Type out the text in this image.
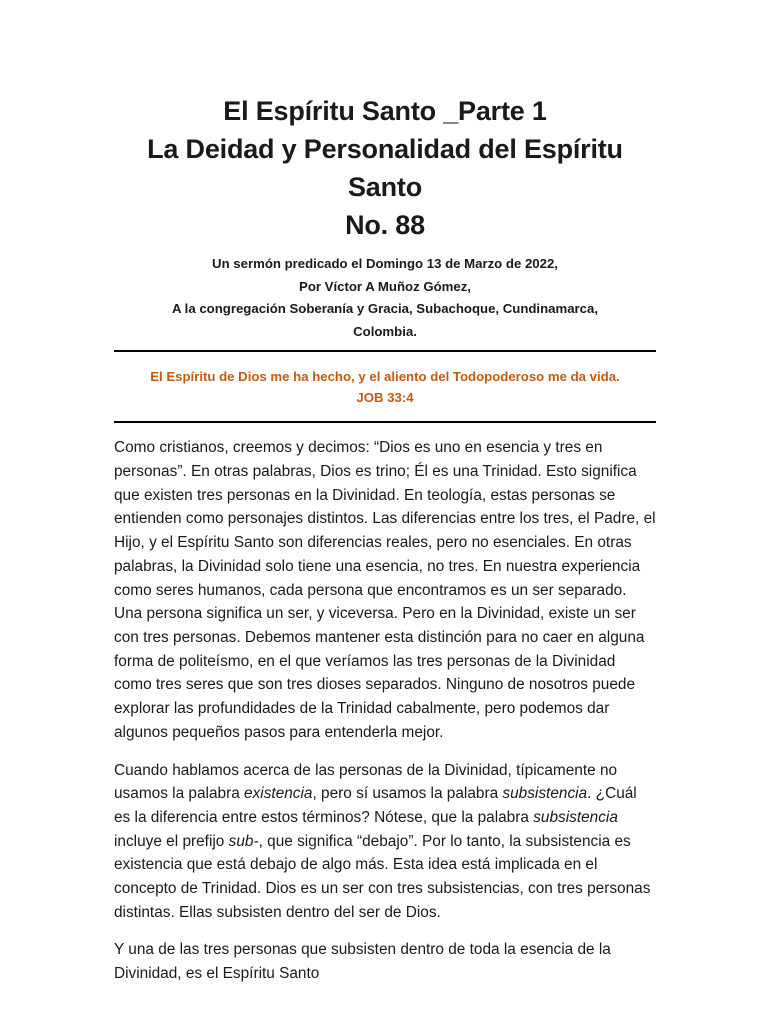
El Espíritu Santo _Parte 1

La Deidad y Personalidad del Espíritu Santo

No. 88

Un sermón predicado el Domingo 13 de Marzo de 2022,

Por Víctor A Muñoz Gómez,

A la congregación Soberanía y Gracia, Subachoque, Cundinamarca,

Colombia.

El Espíritu de Dios me ha hecho, y el aliento del Todopoderoso me da vida.
JOB 33:4

Como cristianos, creemos y decimos: “Dios es uno en esencia y tres en personas”. En otras palabras, Dios es trino; Él es una Trinidad. Esto significa que existen tres personas en la Divinidad. En teología, estas personas se entienden como personajes distintos. Las diferencias entre los tres, el Padre, el Hijo, y el Espíritu Santo son diferencias reales, pero no esenciales. En otras palabras, la Divinidad solo tiene una esencia, no tres. En nuestra experiencia como seres humanos, cada persona que encontramos es un ser separado. Una persona significa un ser, y viceversa. Pero en la Divinidad, existe un ser con tres personas. Debemos mantener esta distinción para no caer en alguna forma de politeísmo, en el que veríamos las tres personas de la Divinidad como tres seres que son tres dioses separados. Ninguno de nosotros puede explorar las profundidades de la Trinidad cabalmente, pero podemos dar algunos pequeños pasos para entenderla mejor.

Cuando hablamos acerca de las personas de la Divinidad, típicamente no usamos la palabra existencia, pero sí usamos la palabra subsistencia. ¿Cuál es la diferencia entre estos términos? Nótese, que la palabra subsistencia incluye el prefijo sub-, que significa “debajo”. Por lo tanto, la subsistencia es existencia que está debajo de algo más. Esta idea está implicada en el concepto de Trinidad. Dios es un ser con tres subsistencias, con tres personas distintas. Ellas subsisten dentro del ser de Dios.

Y una de las tres personas que subsisten dentro de toda la esencia de la Divinidad, es el Espíritu Santo
